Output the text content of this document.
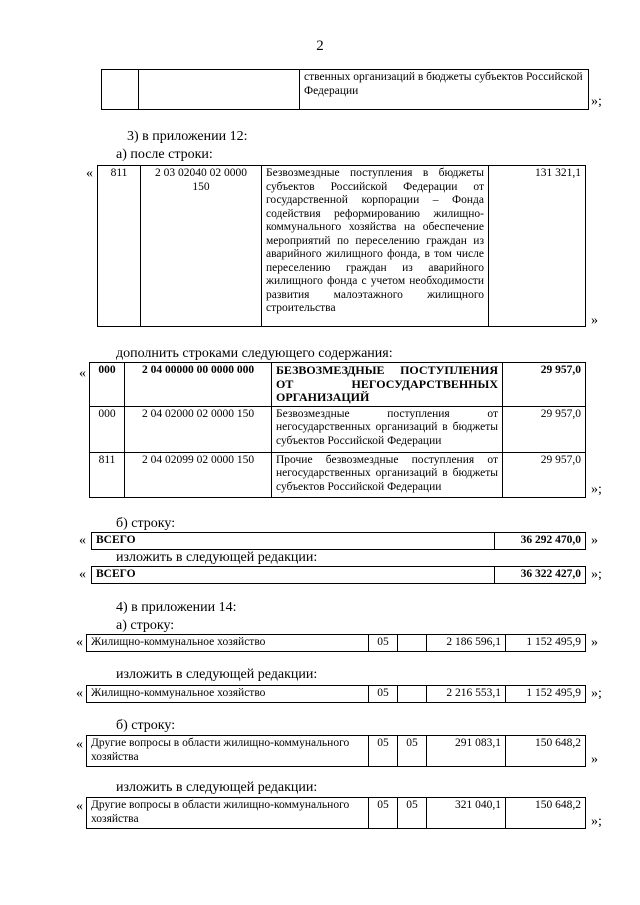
2
		ственных организаций в бюджеты субъектов Российской Федерации
»;
3) в приложении 12:
а) после строки:
« 811	2 03 02040 02 0000 150	Безвозмездные поступления в бюджеты субъектов Российской Федерации от государственной корпорации – Фонда содействия реформированию жилищно-коммунального хозяйства на обеспечение мероприятий по переселению граждан из аварийного жилищного фонда, в том числе переселению граждан из аварийного жилищного фонда с учетом необходимости развития малоэтажного жилищного строительства	131 321,1
»
дополнить строками следующего содержания:
« 000	2 04 00000 00 0000 000	БЕЗВОЗМЕЗДНЫЕ ПОСТУПЛЕНИЯ ОТ НЕГОСУДАРСТВЕННЫХ ОРГАНИЗАЦИЙ	29 957,0
000	2 04 02000 02 0000 150	Безвозмездные поступления от негосударственных организаций в бюджеты субъектов Российской Федерации	29 957,0
811	2 04 02099 02 0000 150	Прочие безвозмездные поступления от негосударственных организаций в бюджеты субъектов Российской Федерации	29 957,0
»;
б) строку:
« ВСЕГО	36 292 470,0 »
изложить в следующей редакции:
« ВСЕГО	36 322 427,0 »;
4) в приложении 14:
а) строку:
« Жилищно-коммунальное хозяйство	05		2 186 596,1	1 152 495,9 »
изложить в следующей редакции:
« Жилищно-коммунальное хозяйство	05		2 216 553,1	1 152 495,9 »;
б) строку:
« Другие вопросы в области жилищно-коммунального хозяйства	05	05	291 083,1	150 648,2
»
изложить в следующей редакции:
« Другие вопросы в области жилищно-коммунального хозяйства	05	05	321 040,1	150 648,2
»;
